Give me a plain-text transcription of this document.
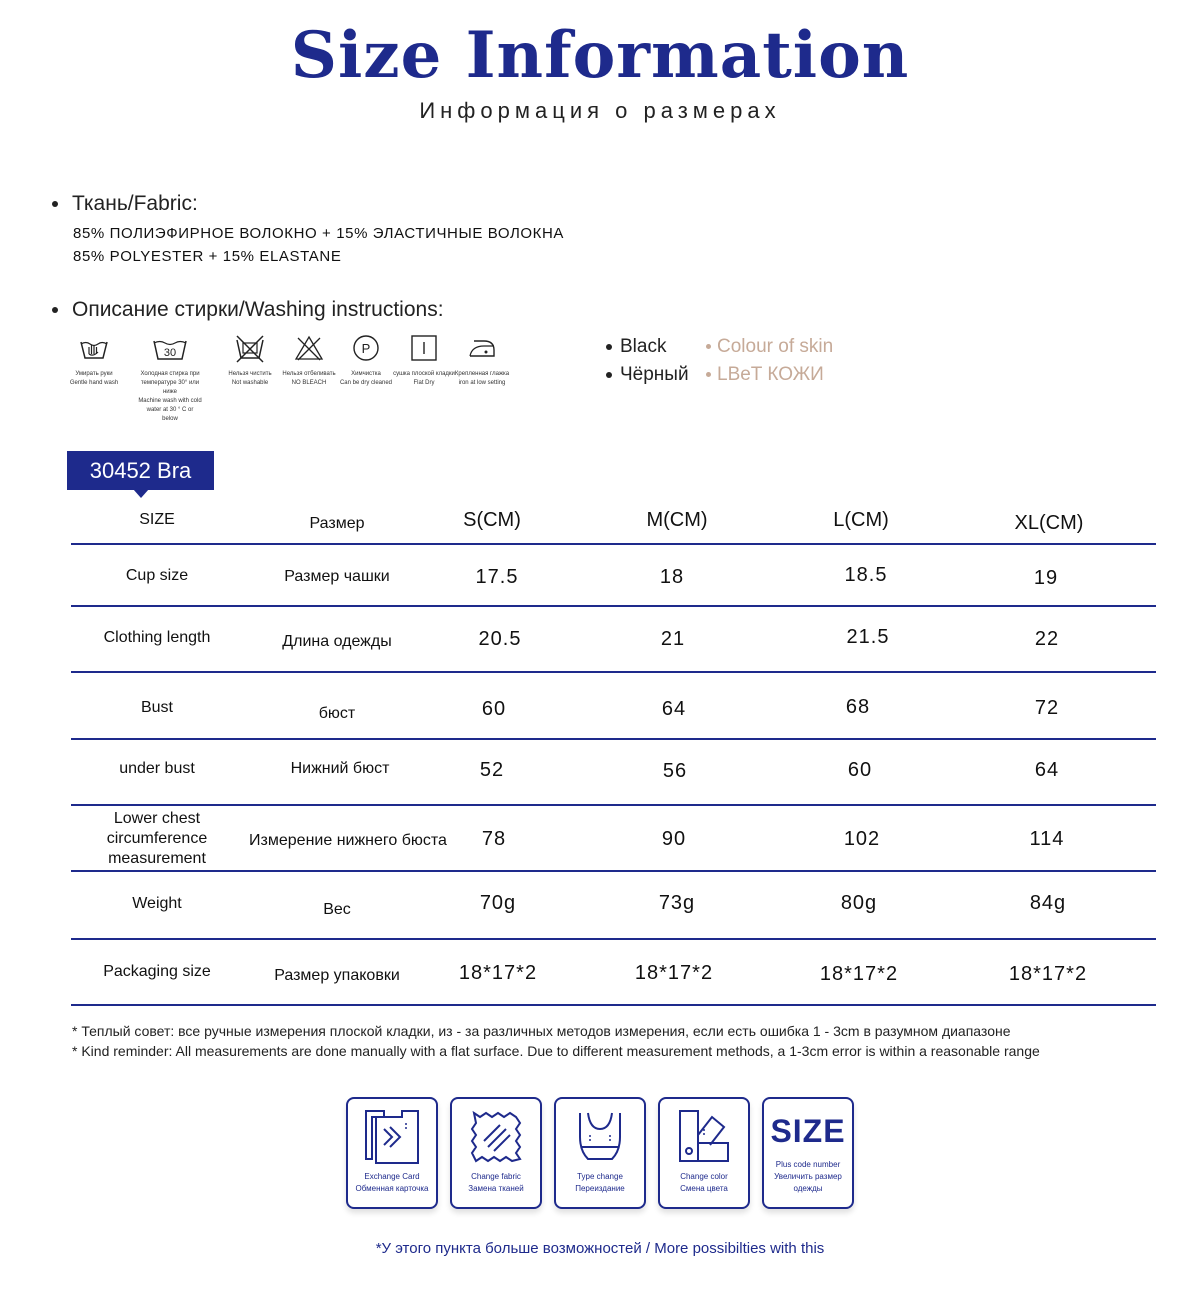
Size Information
Информация о размерах
Ткань/Fabric:
85% ПОЛИЭФИРНОЕ ВОЛОКНО + 15% ЭЛАСТИЧНЫЕ ВОЛОКНА
85% POLYESTER + 15% ELASTANE
Описание стирки/Washing instructions:
Умирать руки
Gentle hand wash
30
Холодная стирка при температуре 30° или ниже
Machine wash with cold water at 30 ° C or below
Нельзя чистить
Not washable
Нельзя отбеливать
NO BLEACH
P
Химчистка
Can be dry cleaned
сушка плоской кладки
Flat Dry
Крепленная глажка
iron at low setting
Black	Colour of skin
Чёрный	LBeT КОЖИ
30452 Bra
SIZE	Размер	S(CM)	M(CM)	L(CM)	XL(CM)
Cup size	Размер чашки	17.5	18	18.5	19
Clothing length	Длина одежды	20.5	21	21.5	22
Bust	бюст	60	64	68	72
under bust	Нижний бюст	52	56	60	64
Lower chest
circumference
measurement
Измерение нижнего бюста	78	90	102	114
Weight	Вес	70g	73g	80g	84g
Packaging size	Размер упаковки	18*17*2	18*17*2	18*17*2	18*17*2
* Теплый совет: все ручные измерения плоской кладки, из - за различных методов измерения, если есть ошибка 1 - 3cm в разумном диапазоне
* Kind reminder: All measurements are done manually with a flat surface. Due to different measurement methods, a 1-3cm error is within a reasonable range
Exchange Card
Обменная карточка
Change fabric
Замена тканей
Type change
Переиздание
Change color
Смена цвета
SIZE
Plus code number
Увеличить размер
одежды
*У этого пункта больше возможностей / More possibilties with this
